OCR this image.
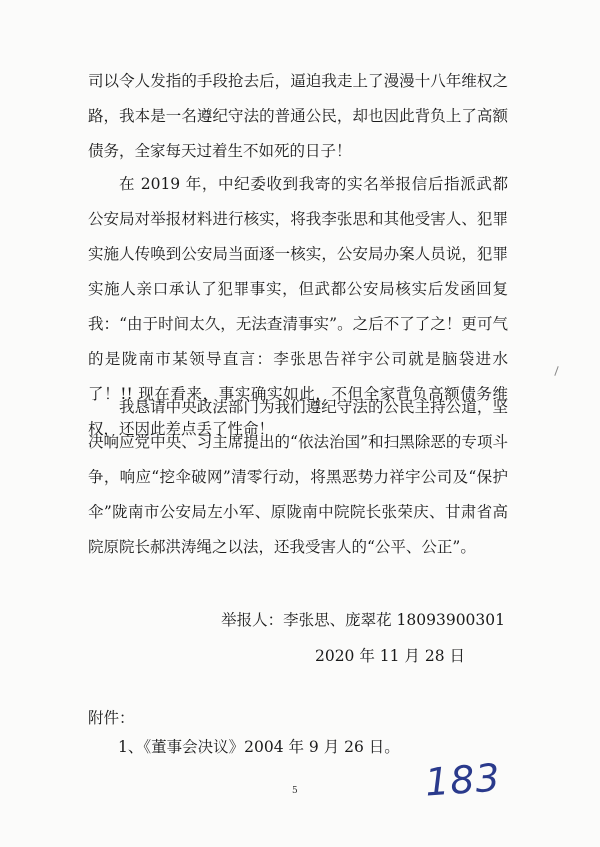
司以令人发指的手段抢去后，逼迫我走上了漫漫十八年维权之路，我本是一名遵纪守法的普通公民，却也因此背负上了高额债务，全家每天过着生不如死的日子！

在 2019 年，中纪委收到我寄的实名举报信后指派武都公安局对举报材料进行核实，将我李张思和其他受害人、犯罪实施人传唤到公安局当面逐一核实，公安局办案人员说，犯罪实施人亲口承认了犯罪事实，但武都公安局核实后发函回复我：“由于时间太久，无法查清事实”。之后不了了之！更可气的是陇南市某领导直言：李张思告祥宇公司就是脑袋进水了！!! 现在看来，事实确实如此，不但全家背负高额债务维权，还因此差点丢了性命！

我恳请中央政法部门为我们遵纪守法的公民主持公道，坚决响应党中央、习主席提出的“依法治国”和扫黑除恶的专项斗争，响应“挖伞破网”清零行动，将黑恶势力祥宇公司及“保护伞”陇南市公安局左小军、原陇南中院院长张荣庆、甘肃省高院原院长郝洪涛绳之以法，还我受害人的“公平、公正”。

举报人：李张思、庞翠花 18093900301
2020 年 11 月 28 日
附件：
1、《董事会决议》2004 年 9 月 26 日。
5	183
